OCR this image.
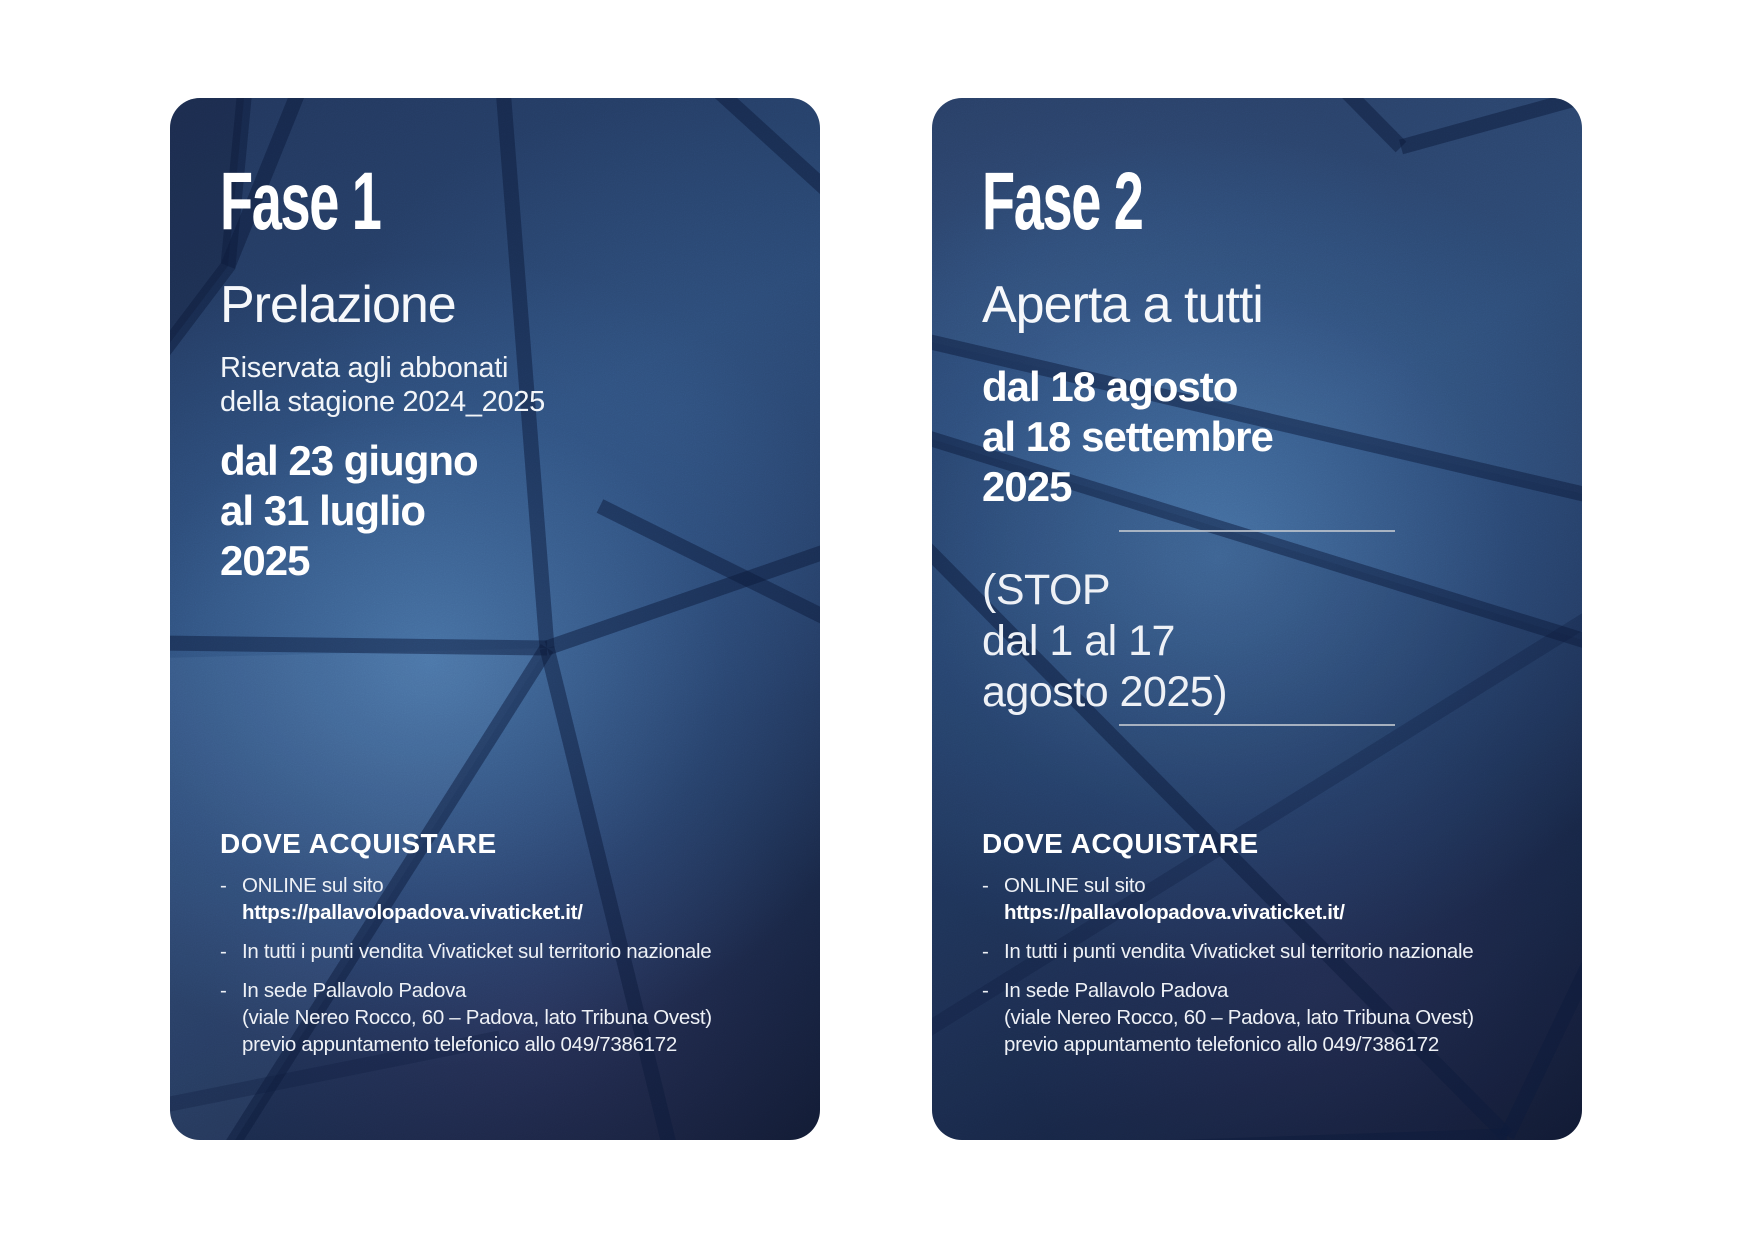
Fase 1
Prelazione

Riservata agli abbonati
della stagione 2024_2025

dal 23 giugno
al 31 luglio
2025

DOVE ACQUISTARE
- ONLINE sul sito
https://pallavolopadova.vivaticket.it/
- In tutti i punti vendita Vivaticket sul territorio nazionale
- In sede Pallavolo Padova
(viale Nereo Rocco, 60 – Padova, lato Tribuna Ovest)
previo appuntamento telefonico allo 049/7386172
Fase 2
Aperta a tutti

dal 18 agosto
al 18 settembre
2025

(STOP
dal 1 al 17
agosto 2025)

DOVE ACQUISTARE
- ONLINE sul sito
https://pallavolopadova.vivaticket.it/
- In tutti i punti vendita Vivaticket sul territorio nazionale
- In sede Pallavolo Padova
(viale Nereo Rocco, 60 – Padova, lato Tribuna Ovest)
previo appuntamento telefonico allo 049/7386172
